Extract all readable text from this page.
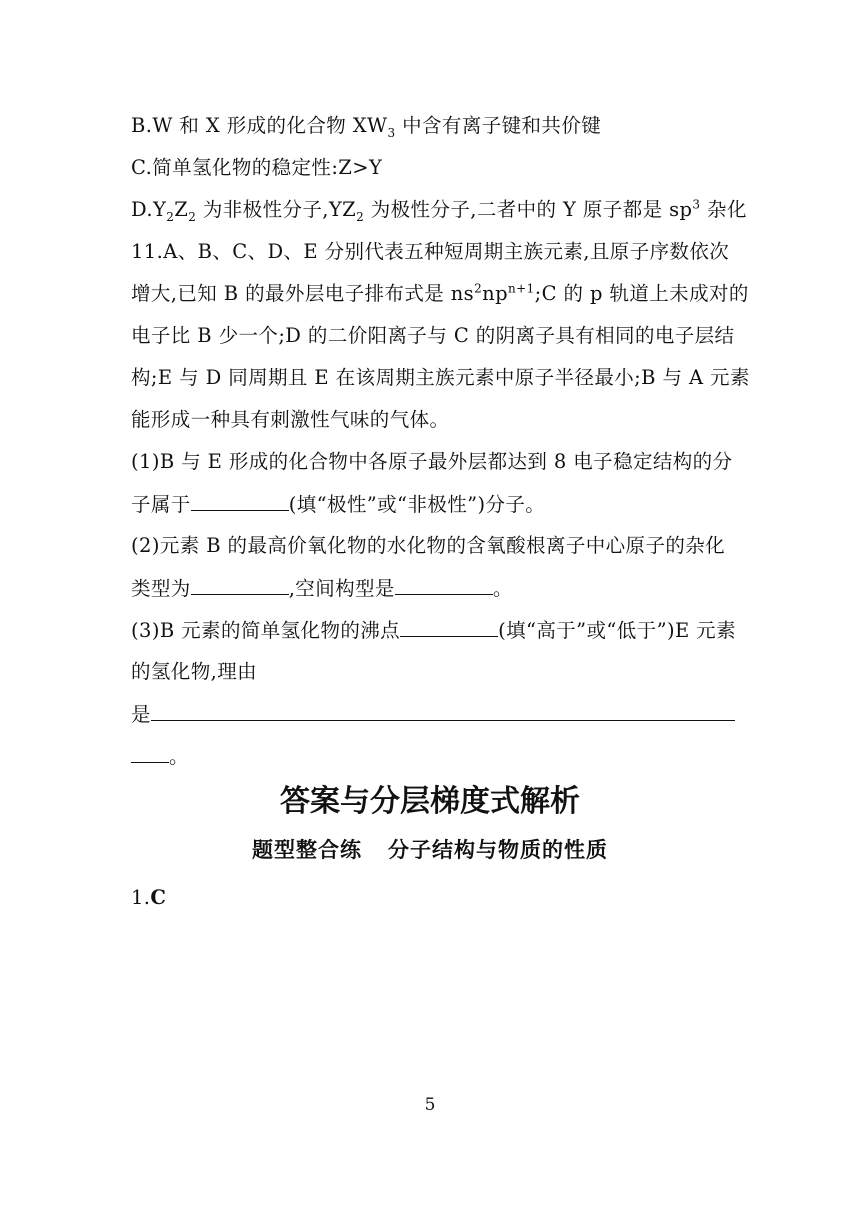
B.W 和 X 形成的化合物 $XW_3$ 中含有离子键和共价键
C.简单氢化物的稳定性:Z>Y
$D.Y_2Z_2$ 为非极性分子$,YZ_2$ 为极性分子,二者中的 Y 原子都是 $sp^3$ 杂化
11.A、B、C、D、E 分别代表五种短周期主族元素,且原子序数依次
增大,已知 B 的最外层电子排布式是 $ns^2np^{n+1};C$ 的 p 轨道上未成对的
电子比 B 少一个;D 的二价阳离子与 C 的阴离子具有相同的电子层结
构;E 与 D 同周期且 E 在该周期主族元素中原子半径最小;B 与 A 元素
能形成一种具有刺激性气味的气体。
(1)B 与 E 形成的化合物中各原子最外层都达到 8 电子稳定结构的分
子属于	(填“极性”或“非极性”)分子。
(2)元素 B 的最高价氧化物的水化物的含氧酸根离子中心原子的杂化
类型为	,空间构型是	。
(3)B 元素的简单氢化物的沸点	(填“高于”或“低于”)E 元素
的氢化物,理由
是
。
答案与分层梯度式解析
题型整合练 分子结构与物质的性质
1.C
5
